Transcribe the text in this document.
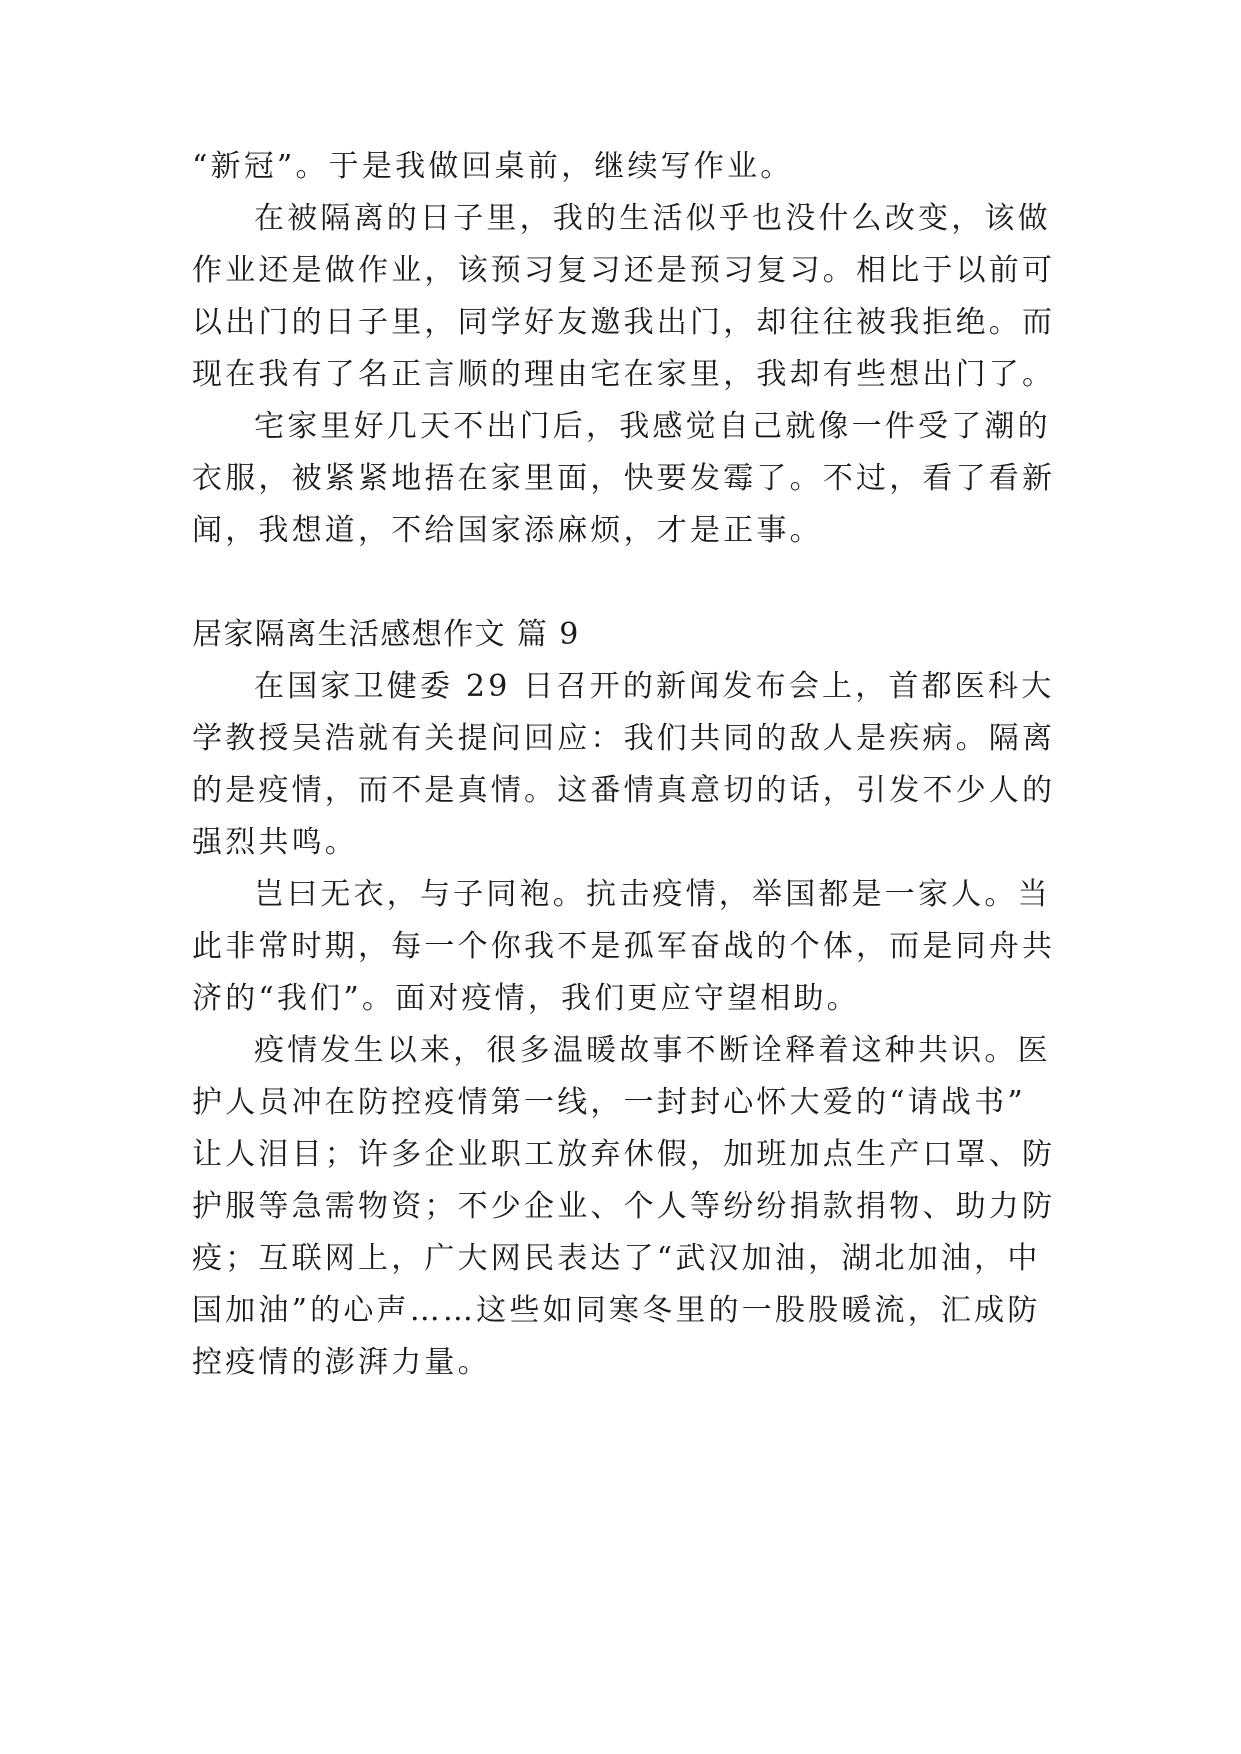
“新冠”。于是我做回桌前，继续写作业。
在被隔离的日子里，我的生活似乎也没什么改变，该做
作业还是做作业，该预习复习还是预习复习。相比于以前可
以出门的日子里，同学好友邀我出门，却往往被我拒绝。而
现在我有了名正言顺的理由宅在家里，我却有些想出门了。
宅家里好几天不出门后，我感觉自己就像一件受了潮的
衣服，被紧紧地捂在家里面，快要发霉了。不过，看了看新
闻，我想道，不给国家添麻烦，才是正事。
居家隔离生活感想作文 篇 9
在国家卫健委 29 日召开的新闻发布会上，首都医科大
学教授吴浩就有关提问回应：我们共同的敌人是疾病。隔离
的是疫情，而不是真情。这番情真意切的话，引发不少人的
强烈共鸣。
岂曰无衣，与子同袍。抗击疫情，举国都是一家人。当
此非常时期，每一个你我不是孤军奋战的个体，而是同舟共
济的“我们”。面对疫情，我们更应守望相助。
疫情发生以来，很多温暖故事不断诠释着这种共识。医
护人员冲在防控疫情第一线，一封封心怀大爱的“请战书”
让人泪目；许多企业职工放弃休假，加班加点生产口罩、防
护服等急需物资；不少企业、个人等纷纷捐款捐物、助力防
疫；互联网上，广大网民表达了“武汉加油，湖北加油，中
国加油”的心声……这些如同寒冬里的一股股暖流，汇成防
控疫情的澎湃力量。
